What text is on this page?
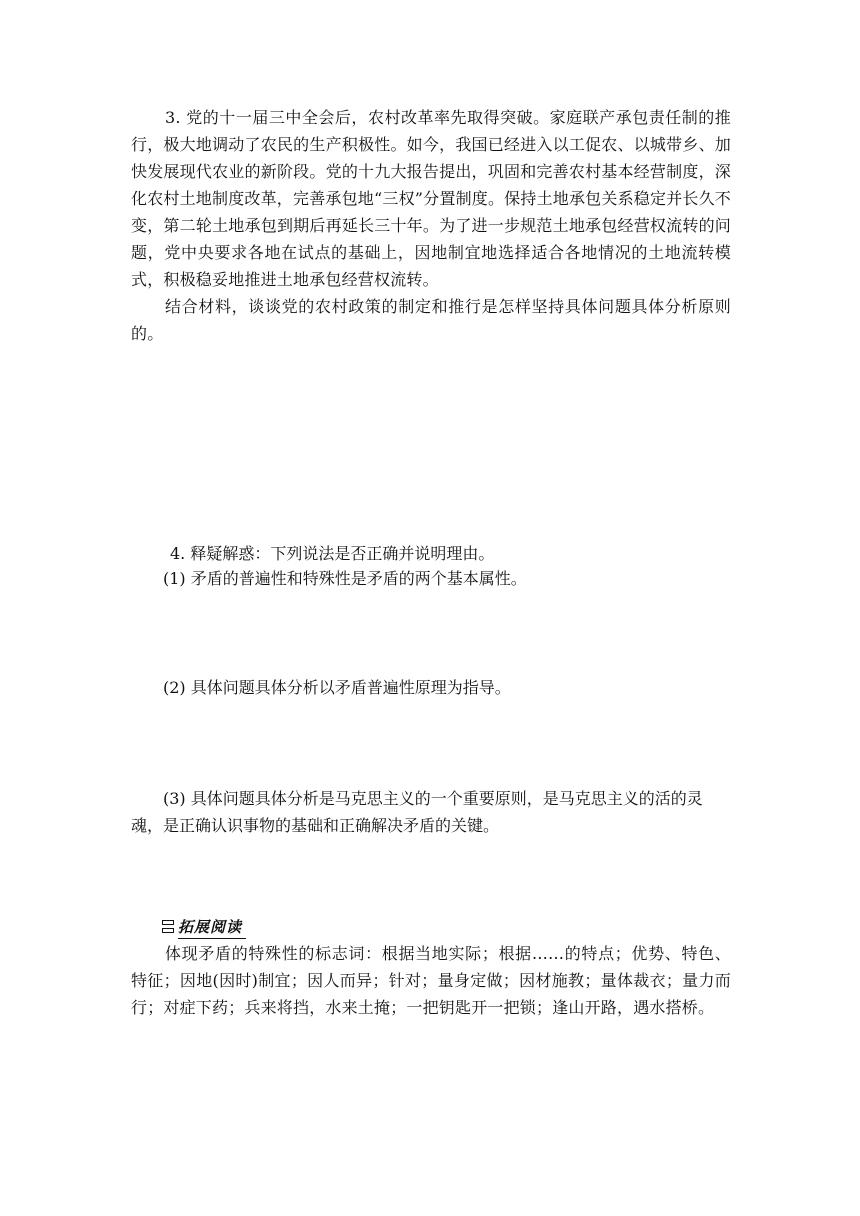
3. 党的十一届三中全会后，农村改革率先取得突破。家庭联产承包责任制的推行，极大地调动了农民的生产积极性。如今，我国已经进入以工促农、以城带乡、加快发展现代农业的新阶段。党的十九大报告提出，巩固和完善农村基本经营制度，深化农村土地制度改革，完善承包地“三权”分置制度。保持土地承包关系稳定并长久不变，第二轮土地承包到期后再延长三十年。为了进一步规范土地承包经营权流转的问题，党中央要求各地在试点的基础上，因地制宜地选择适合各地情况的土地流转模式，积极稳妥地推进土地承包经营权流转。
结合材料，谈谈党的农村政策的制定和推行是怎样坚持具体问题具体分析原则的。
4. 释疑解惑：下列说法是否正确并说明理由。
(1) 矛盾的普遍性和特殊性是矛盾的两个基本属性。
(2) 具体问题具体分析以矛盾普遍性原理为指导。
(3) 具体问题具体分析是马克思主义的一个重要原则，是马克思主义的活的灵魂，是正确认识事物的基础和正确解决矛盾的关键。
拓展阅读
体现矛盾的特殊性的标志词：根据当地实际；根据……的特点；优势、特色、特征；因地(因时)制宜；因人而异；针对；量身定做；因材施教；量体裁衣；量力而行；对症下药；兵来将挡，水来土掩；一把钥匙开一把锁；逢山开路，遇水搭桥。
